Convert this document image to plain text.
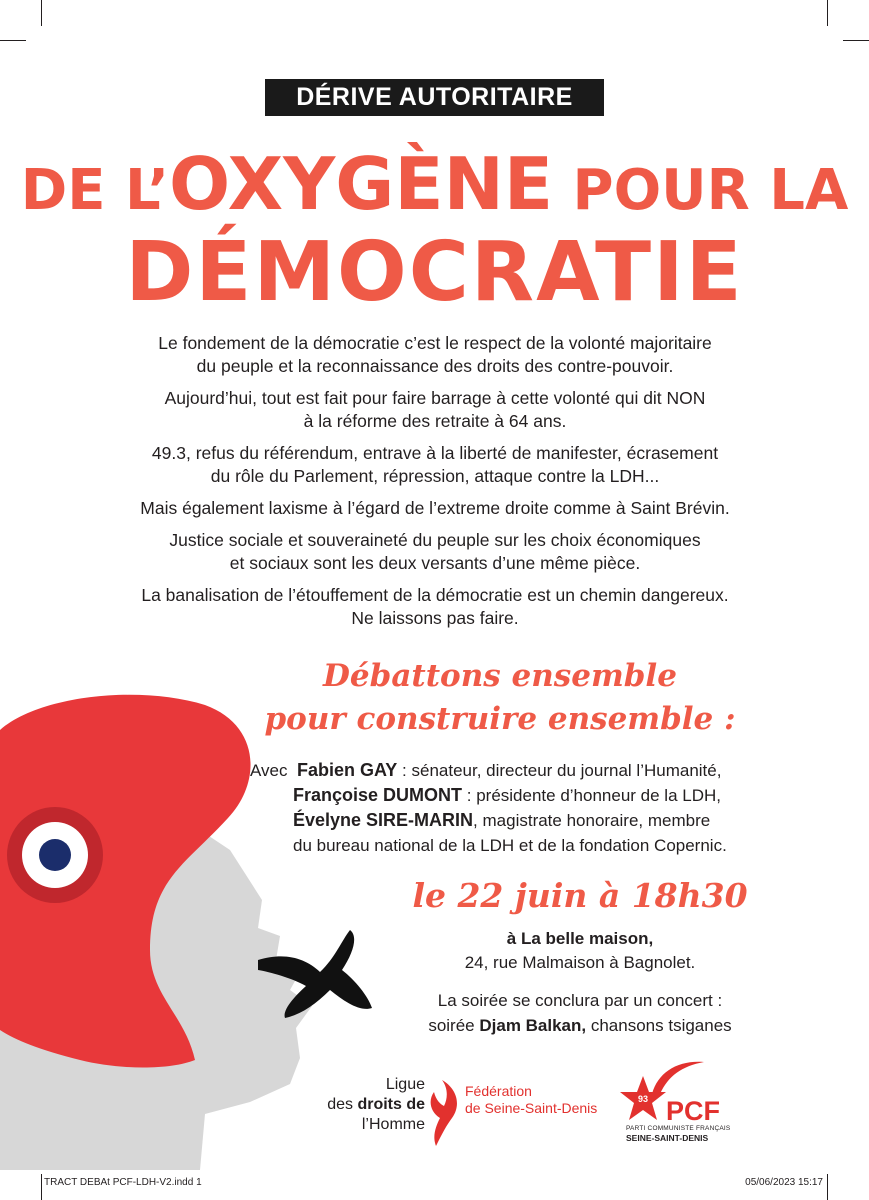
DÉRIVE AUTORITAIRE
DE L’OXYGÈNE POUR LA
DÉMOCRATIE

Le fondement de la démocratie c’est le respect de la volonté majoritaire
du peuple et la reconnaissance des droits des contre-pouvoir.

Aujourd’hui, tout est fait pour faire barrage à cette volonté qui dit NON
à la réforme des retraite à 64 ans.

49.3, refus du référendum, entrave à la liberté de manifester, écrasement
du rôle du Parlement, répression, attaque contre la LDH...

Mais également laxisme à l’égard de l’extreme droite comme à Saint Brévin.

Justice sociale et souveraineté du peuple sur les choix économiques
et sociaux sont les deux versants d’une même pièce.

La banalisation de l’étouffement de la démocratie est un chemin dangereux.
Ne laissons pas faire.

Débattons ensemble
pour construire ensemble :
Avec Fabien GAY : sénateur, directeur du journal l’Humanité,
Françoise DUMONT : présidente d’honneur de la LDH,
Évelyne SIRE-MARIN, magistrate honoraire, membre
du bureau national de la LDH et de la fondation Copernic.
le 22 juin à 18h30
à La belle maison,
24, rue Malmaison à Bagnolet.
La soirée se conclura par un concert :
soirée Djam Balkan, chansons tsiganes
Ligue
des droits de
l’Homme
Fédération
de Seine-Saint-Denis
93 PCF
PARTI COMMUNISTE FRANÇAIS
SEINE-SAINT-DENIS
TRACT DEBAt PCF-LDH-V2.indd 1	05/06/2023 15:17
